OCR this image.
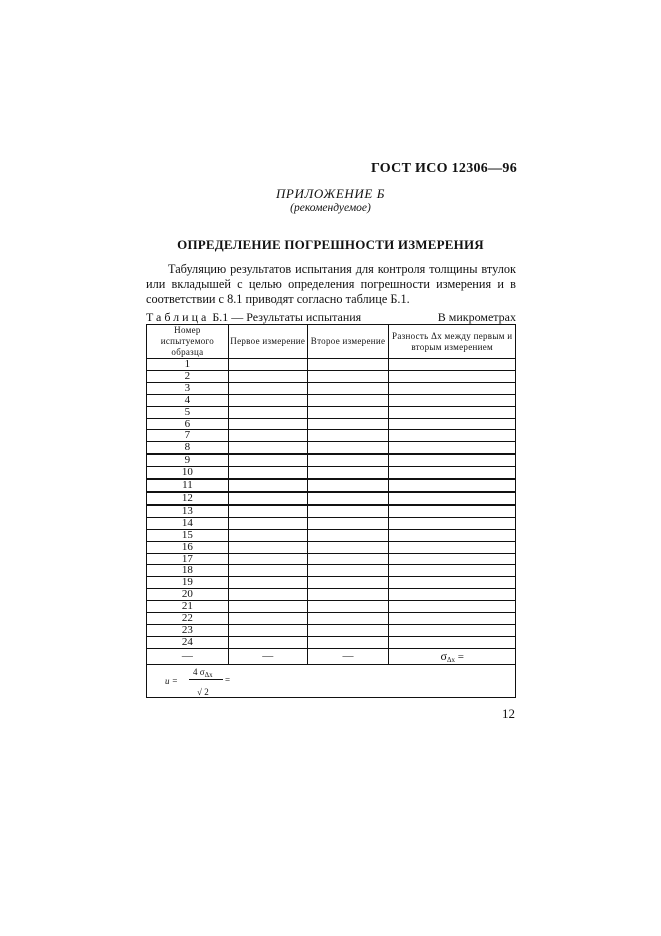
ГОСТ ИСО 12306—96
ПРИЛОЖЕНИЕ Б
(рекомендуемое)
ОПРЕДЕЛЕНИЕ ПОГРЕШНОСТИ ИЗМЕРЕНИЯ
Табуляцию результатов испытания для контроля толщины втулок или вкладышей с целью определения погрешности измерения и в соответствии с 8.1 приводят согласно таблице Б.1.
Таблица Б.1 — Результаты испытания	В микрометрах
Номер испытуемого образца	Первое измерение	Второе измерение	Разность Δx между первым и вторым измерением
1			
2			
3			
4			
5			
6			
7			
8			
9			
10			
11			
12			
13			
14			
15			
16			
17			
18			
19			
20			
21			
22			
23			
24			
—	—	—	$\sigma_{\Delta x}$ =

u =
4 $\sigma_{\Delta x}$ =
√ 2			
12
